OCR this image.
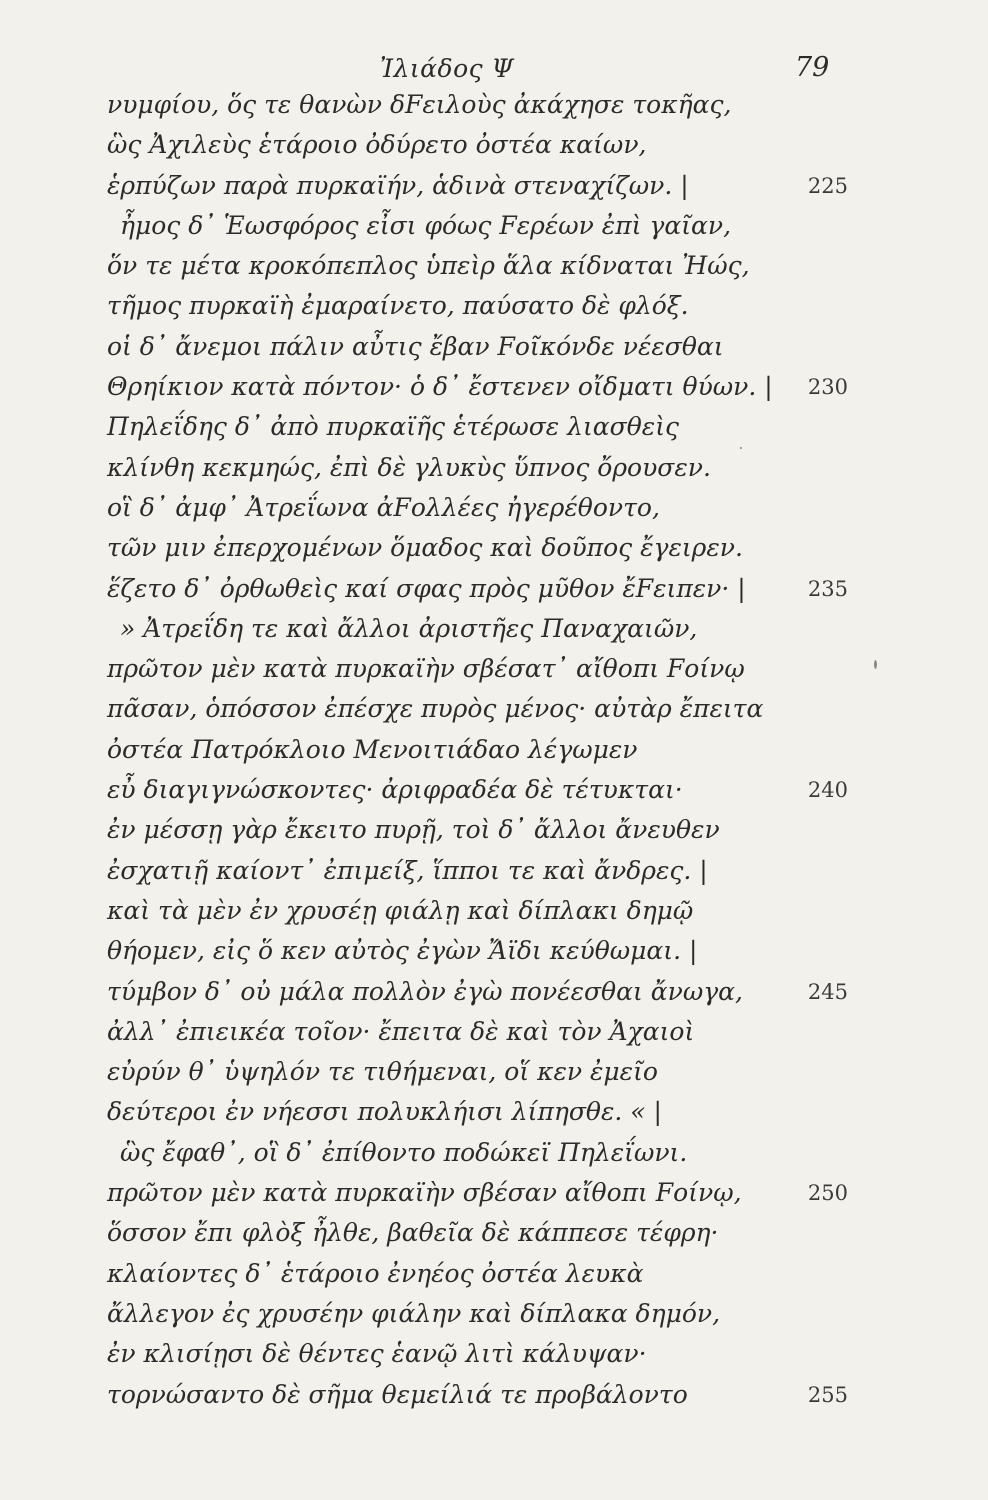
Ἰλιάδος Ψ	79
νυμφίου, ὅς τε θανὼν δFειλοὺς ἀκάχησε τοκῆας,
ὣς Ἀχιλεὺς ἑτάροιο ὀδύρετο ὀστέα καίων,
ἑρπύζων παρὰ πυρκαϊήν, ἁδινὰ στεναχίζων. |	225
ἦμος δ᾽ Ἑωσφόρος εἶσι φόως Fερέων ἐπὶ γαῖαν,
ὅν τε μέτα κροκόπεπλος ὑπεὶρ ἅλα κίδναται Ἠώς,
τῆμος πυρκαϊὴ ἐμαραίνετο, παύσατο δὲ φλόξ.
οἱ δ᾽ ἄνεμοι πάλιν αὖτις ἔβαν Fοῖκόνδε νέεσθαι
Θρηίκιον κατὰ πόντον· ὁ δ᾽ ἔστενεν οἴδματι θύων. | 230
Πηλεΐδης δ᾽ ἀπὸ πυρκαϊῆς ἑτέρωσε λιασθεὶς
κλίνθη κεκμηώς, ἐπὶ δὲ γλυκὺς ὕπνος ὄρουσεν.
οἳ δ᾽ ἀμφ᾽ Ἀτρεΐωνα ἀFολλέες ἠγερέθοντο,
τῶν μιν ἐπερχομένων ὅμαδος καὶ δοῦπος ἔγειρεν.
ἕζετο δ᾽ ὀρθωθεὶς καί σφας πρὸς μῦθον ἔFειπεν· |	235
» Ἀτρεΐδη τε καὶ ἄλλοι ἀριστῆες Παναχαιῶν,
πρῶτον μὲν κατὰ πυρκαϊὴν σβέσατ᾽ αἴθοπι Fοίνῳ
πᾶσαν, ὁπόσσον ἐπέσχε πυρὸς μένος· αὐτὰρ ἔπειτα
ὀστέα Πατρόκλοιο Μενοιτιάδαο λέγωμεν
εὖ διαγιγνώσκοντες· ἀριφραδέα δὲ τέτυκται·	240
ἐν μέσσῃ γὰρ ἔκειτο πυρῇ, τοὶ δ᾽ ἄλλοι ἄνευθεν
ἐσχατιῇ καίοντ᾽ ἐπιμείξ, ἵπποι τε καὶ ἄνδρες. |
καὶ τὰ μὲν ἐν χρυσέῃ φιάλῃ καὶ δίπλακι δημῷ
θήομεν, εἰς ὅ κεν αὐτὸς ἐγὼν Ἄϊδι κεύθωμαι. |
τύμβον δ᾽ οὐ μάλα πολλὸν ἐγὼ πονέεσθαι ἄνωγα,	245
ἀλλ᾽ ἐπιεικέα τοῖον· ἔπειτα δὲ καὶ τὸν Ἀχαιοὶ
εὐρύν θ᾽ ὑψηλόν τε τιθήμεναι, οἵ κεν ἐμεῖο
δεύτεροι ἐν νήεσσι πολυκλήισι λίπησθε. « |
ὣς ἔφαθ᾽, οἳ δ᾽ ἐπίθοντο ποδώκεϊ Πηλεΐωνι.
πρῶτον μὲν κατὰ πυρκαϊὴν σβέσαν αἴθοπι Fοίνῳ,	250
ὅσσον ἔπι φλὸξ ἦλθε, βαθεῖα δὲ κάππεσε τέφρη·
κλαίοντες δ᾽ ἑτάροιο ἐνηέος ὀστέα λευκὰ
ἄλλεγον ἐς χρυσέην φιάλην καὶ δίπλακα δημόν,
ἐν κλισίῃσι δὲ θέντες ἑανῷ λιτὶ κάλυψαν·
τορνώσαντο δὲ σῆμα θεμείλιά τε προβάλοντο	255
